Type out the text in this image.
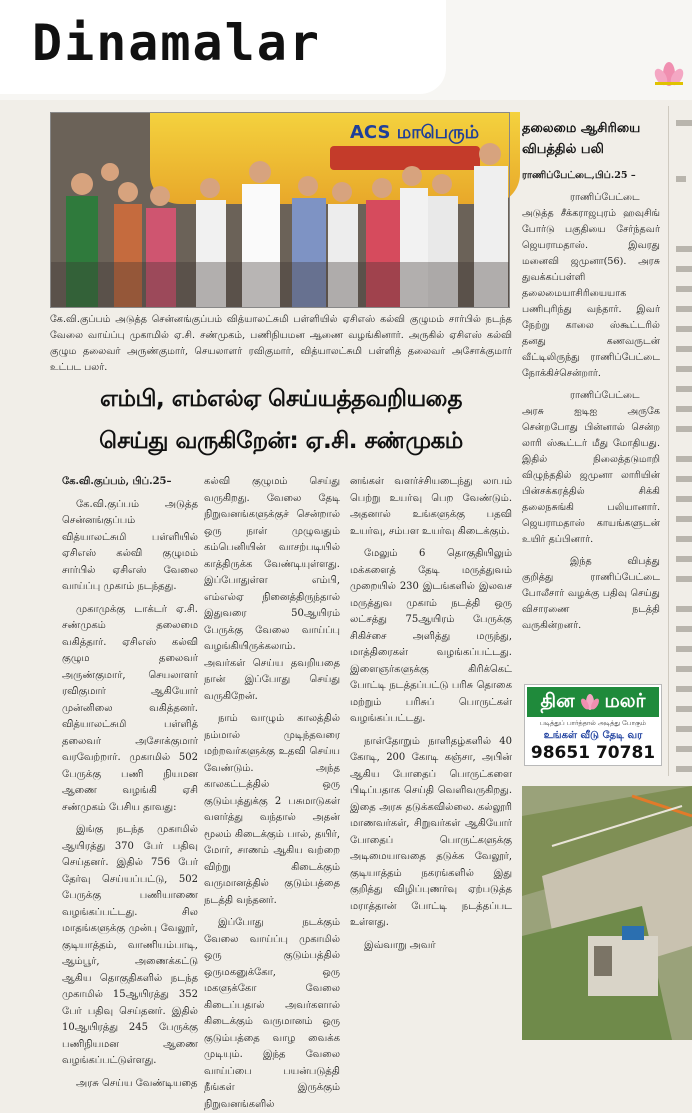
Dinamalar
ACS மாபெரும்
கே.வி.குப்பம் அடுத்த சென்னங்குப்பம் வித்யாலட்சுமி பள்ளியில் ஏசிஎஸ் கல்வி குழுமம் சார்பில் நடந்த வேலை வாய்ப்பு முகாமில் ஏ.சி. சண்முகம், பணிநியமன ஆணை வழங்கினார். அருகில் ஏசிஎஸ் கல்வி குழும தலைவர் அருண்குமார், செயலாளர் ரவிகுமார், வித்யாலட்சுமி பள்ளித் தலைவர் அசோக்குமார் உட்பட பலர்.
எம்பி, எம்எல்ஏ செய்யத்தவறியதை
செய்து வருகிறேன்: ஏ.சி. சண்முகம்

கே.வி.குப்பம், பிப்.25–

கே.வி.குப்பம் அடுத்த சென்னங்குப்பம் வித்யாலட்சுமி பள்ளியில் ஏசிஎஸ் கல்வி குழுமம் சார்பில் ஏசிஎஸ் வேலை வாய்ப்பு முகாம் நடந்தது.

முகாமுக்கு டாக்டர் ஏ.சி. சண்முகம் தலைமை வகித்தார். ஏசிஎஸ் கல்வி குழும தலைவர் அருண்குமார், செயலாளர் ரவிகுமார் ஆகியோர் முன்னிலை வகித்தனர். வித்யாலட்சுமி பள்ளித் தலைவர் அசோக்குமார் வரவேற்றார். முகாமில் 502 பேருக்கு பணி நியமன ஆணை வழங்கி ஏசி சண்முகம் பேசிய தாவது:

இங்கு நடந்த முகாமில் ஆயிரத்து 370 பேர் பதிவு செய்தனர். இதில் 756 பேர் தேர்வு செய்யப்பட்டு, 502 பேருக்கு பணியாணை வழங்கப்பட்டது. சில மாதங்களுக்கு முன்பு வேலூர், குடியாத்தம், வாணியம்பாடி, ஆம்பூர், அணைக்கட்டு ஆகிய தொகுதிகளில் நடந்த முகாமில் 15ஆயிரத்து 352 பேர் பதிவு செய்தனர். இதில் 10ஆயிரத்து 245 பேருக்கு பணிநியமன ஆணை வழங்கப்பட்டுள்ளது.

அரசு செய்ய வேண்டியதை

கல்வி குழுமம் செய்து வருகிறது. வேலை தேடி நிறுவனங்களுக்குச் சென்றால் ஒரு நாள் முழுவதும் கம்பெனியின் வாசற்படியில் காத்திருக்க வேண்டியுள்ளது. இப்போதுள்ள எம்பி, எம்எல்ஏ நினைத்திருந்தால் இதுவரை 50ஆயிரம் பேருக்கு வேலை வாய்ப்பு வழங்கியிருக்கலாம். அவர்கள் செய்ய தவறியதை நான் இப்போது செய்து வருகிறேன்.

நாம் வாழும் காலத்தில் நம்மால் முடிந்தவரை மற்றவர்களுக்கு உதவி செய்ய வேண்டும். அந்த காலகட்டத்தில் ஒரு குடும்பத்துக்கு 2 பசுமாடுகள் வளர்த்து வந்தால் அதன் மூலம் கிடைக்கும் பால், தயிர், மோர், சாணம் ஆகிய வற்றை விற்று கிடைக்கும் வருமானத்தில் குடும்பத்தை நடத்தி வந்தனர்.

இப்போது நடக்கும் வேலை வாய்ப்பு முகாமில் ஒரு குடும்பத்தில் ஒருமகனுக்கோ, ஒரு மகளுக்கோ வேலை கிடைப்பதால் அவர்களால் கிடைக்கும் வருமானம் ஒரு குடும்பத்தை வாழ வைக்க முடியும். இந்த வேலை வாய்ப்பை பயன்படுத்தி நீங்கள் இருக்கும் நிறுவனங்களில்

னங்கள் வளர்ச்சியடைந்து லாபம் பெற்று உயர்வு பெற வேண்டும். அதனால் உங்களுக்கு பதவி உயர்வு, சம்பள உயர்வு கிடைக்கும்.

மேலும் 6 தொகுதியிலும் மக்களைத் தேடி மருத்துவம் முறையில் 230 இடங்களில் இலவச மருத்துவ முகாம் நடத்தி ஒரு லட்சத்து 75ஆயிரம் பேருக்கு சிகிச்சை அளித்து மருந்து, மாத்திரைகள் வழங்கப்பட்டது. இளைஞர்களுக்கு கிரிக்கெட் போட்டி நடத்தப்பட்டு பரிசு தொகை மற்றும் பரிசுப் பொருட்கள் வழங்கப்பட்டது.

நாள்தோறும் நாளிதழ்களில் 40 கோடி, 200 கோடி கஞ்சா, அபின் ஆகிய போதைப் பொருட்களை பிடிப்பதாக செய்தி வெளிவருகிறது. இதை அரசு தடுக்கவில்லை. கல்லூரி மாணவர்கள், சிறுவர்கள் ஆகியோர் போதைப் பொருட்களுக்கு அடிமையாவதை தடுக்க வேலூர், குடியாத்தம் நகரங்களில் இது குறித்து விழிப்புணர்வு ஏற்படுத்த மராத்தான் போட்டி நடத்தப்பட உள்ளது.

இவ்வாறு அவர்

தலைமை ஆசிரியை விபத்தில் பலி

ராணிப்பேட்டை,பிப்.25 –

ராணிப்பேட்டை அடுத்த சீக்கராஜபுரம் ஹவுசிங் போர்டு பகுதியை சேர்ந்தவர் ஜெயராமதாஸ். இவரது மனைவி ஜமுனா(56). அரசு துவக்கப்பள்ளி தலைமையாசிரியையாக பணிபுரிந்து வந்தார். இவர் நேற்று காலை ஸ்கூட்டரில் தனது கணவருடன் வீட்டிலிருந்து ராணிப்பேட்டை நோக்கிச்சென்றார்.

ராணிப்பேட்டை அரசு ஐடிஐ அருகே சென்றபோது பின்னால் சென்ற லாரி ஸ்கூட்டர் மீது மோதியது. இதில் நிலைத்தடுமாறி விழுந்ததில் ஜமுனா லாரியின் பின்சக்கரத்தில் சிக்கி தலைநசுங்கி பலியானார். ஜெயராமதாஸ் காயங்களுடன் உயிர் தப்பினார்.

இந்த விபத்து குறித்து ராணிப்பேட்டை போலீசார் வழக்கு பதிவு செய்து விசாரணை நடத்தி வருகின்றனர்.

தின மலர்
படித்துப் பார்த்தால் அடித்து போகும்
உங்கள் வீடு தேடி வர
98651 70781
